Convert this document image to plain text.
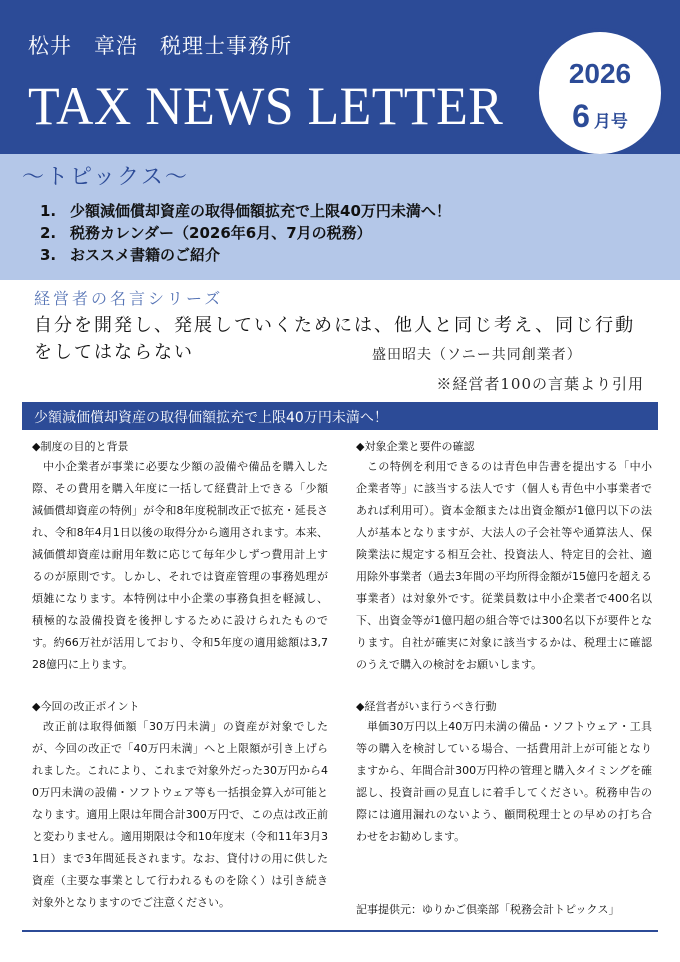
松井　章浩　税理士事務所
TAX NEWS LETTER
2026
6 月号
～トピックス～
1. 少額減価償却資産の取得価額拡充で上限40万円未満へ！
2. 税務カレンダー（2026年6月、7月の税務）
3. おススメ書籍のご紹介
経営者の名言シリーズ

自分を開発し、発展していくためには、他人と同じ考え、同じ行動をしてはならない	盛田昭夫（ソニー共同創業者）
※経営者100の言葉より引用
少額減価償却資産の取得価額拡充で上限40万円未満へ！

◆制度の目的と背景

中小企業者が事業に必要な少額の設備や備品を購入した際、その費用を購入年度に一括して経費計上できる「少額減価償却資産の特例」が令和8年度税制改正で拡充・延長され、令和8年4月1日以後の取得分から適用されます。本来、減価償却資産は耐用年数に応じて毎年少しずつ費用計上するのが原則です。しかし、それでは資産管理の事務処理が煩雑になります。本特例は中小企業の事務負担を軽減し、積極的な設備投資を後押しするために設けられたものです。約66万社が活用しており、令和5年度の適用総額は3,728億円に上ります。

◆今回の改正ポイント

改正前は取得価額「30万円未満」の資産が対象でしたが、今回の改正で「40万円未満」へと上限額が引き上げられました。これにより、これまで対象外だった30万円から40万円未満の設備・ソフトウェア等も一括損金算入が可能となります。適用上限は年間合計300万円で、この点は改正前と変わりません。適用期限は令和10年度末（令和11年3月31日）まで3年間延長されます。なお、貸付けの用に供した資産（主要な事業として行われるものを除く）は引き続き対象外となりますのでご注意ください。

◆対象企業と要件の確認

この特例を利用できるのは青色申告書を提出する「中小企業者等」に該当する法人です（個人も青色中小事業者であれば利用可）。資本金額または出資金額が1億円以下の法人が基本となりますが、大法人の子会社等や通算法人、保険業法に規定する相互会社、投資法人、特定目的会社、適用除外事業者（過去3年間の平均所得金額が15億円を超える事業者）は対象外です。従業員数は中小企業者で400名以下、出資金等が1億円超の組合等では300名以下が要件となります。自社が確実に対象に該当するかは、税理士に確認のうえで購入の検討をお願いします。

◆経営者がいま行うべき行動

単価30万円以上40万円未満の備品・ソフトウェア・工具等の購入を検討している場合、一括費用計上が可能となりますから、年間合計300万円枠の管理と購入タイミングを確認し、投資計画の見直しに着手してください。税務申告の際には適用漏れのないよう、顧問税理士との早めの打ち合わせをお勧めします。

記事提供元：ゆりかご倶楽部「税務会計トピックス」
